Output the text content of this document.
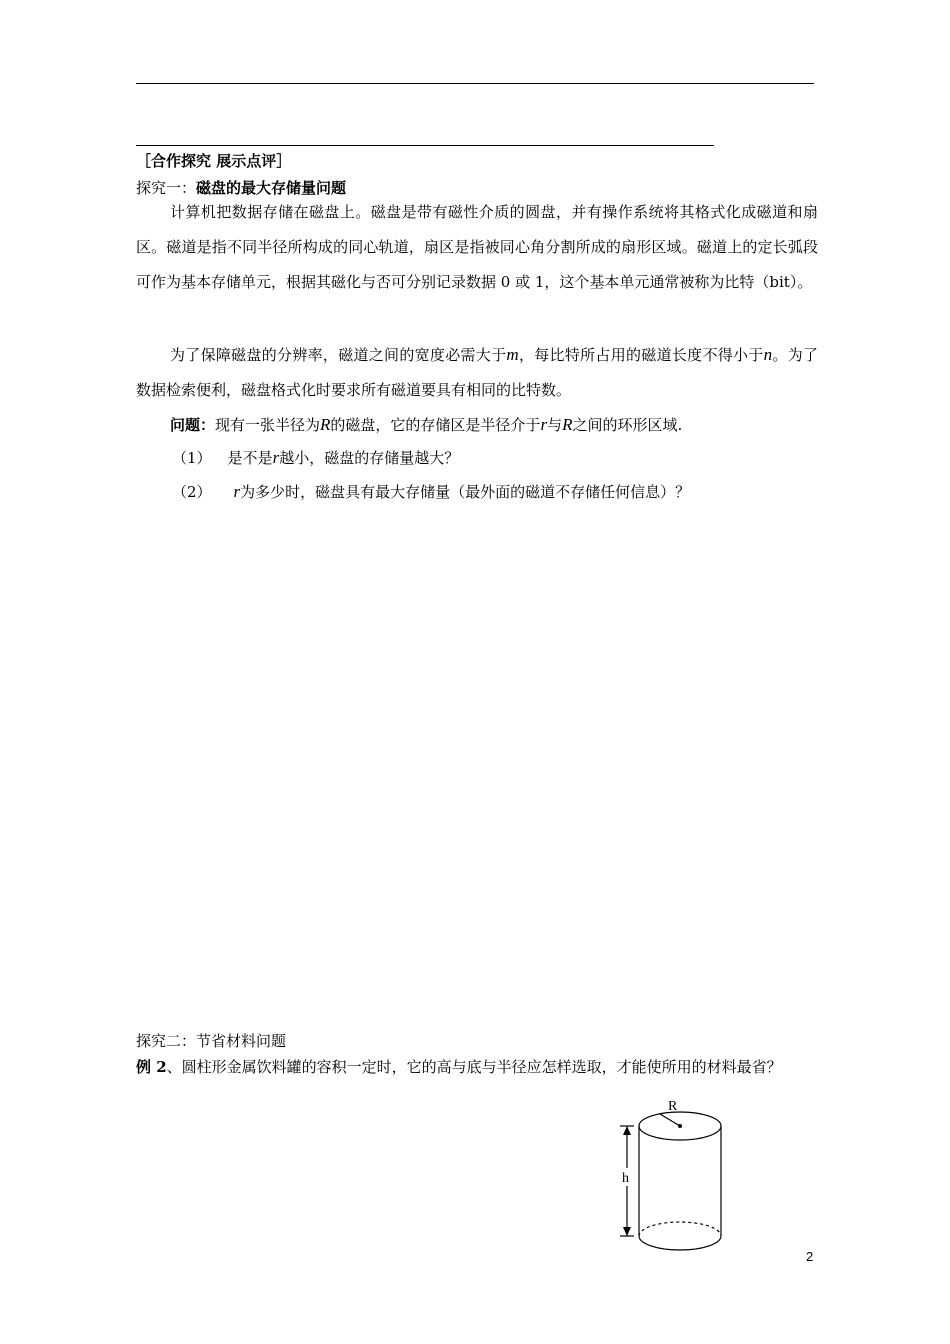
［合作探究 展示点评］
探究一：磁盘的最大存储量问题
计算机把数据存储在磁盘上。磁盘是带有磁性介质的圆盘，并有操作系统将其格式化成磁道和扇区。磁道是指不同半径所构成的同心轨道，扇区是指被同心角分割所成的扇形区域。磁道上的定长弧段可作为基本存储单元，根据其磁化与否可分别记录数据 0 或 1，这个基本单元通常被称为比特（bit）。
为了保障磁盘的分辨率，磁道之间的宽度必需大于m，每比特所占用的磁道长度不得小于n。为了数据检索便利，磁盘格式化时要求所有磁道要具有相同的比特数。
问题：现有一张半径为R的磁盘，它的存储区是半径介于r与R之间的环形区域.
（1） 是不是r越小，磁盘的存储量越大？
（2） r为多少时，磁盘具有最大存储量（最外面的磁道不存储任何信息）？
探究二：节省材料问题
例 2、圆柱形金属饮料罐的容积一定时，它的高与底与半径应怎样选取，才能使所用的材料最省？
R
h
2
